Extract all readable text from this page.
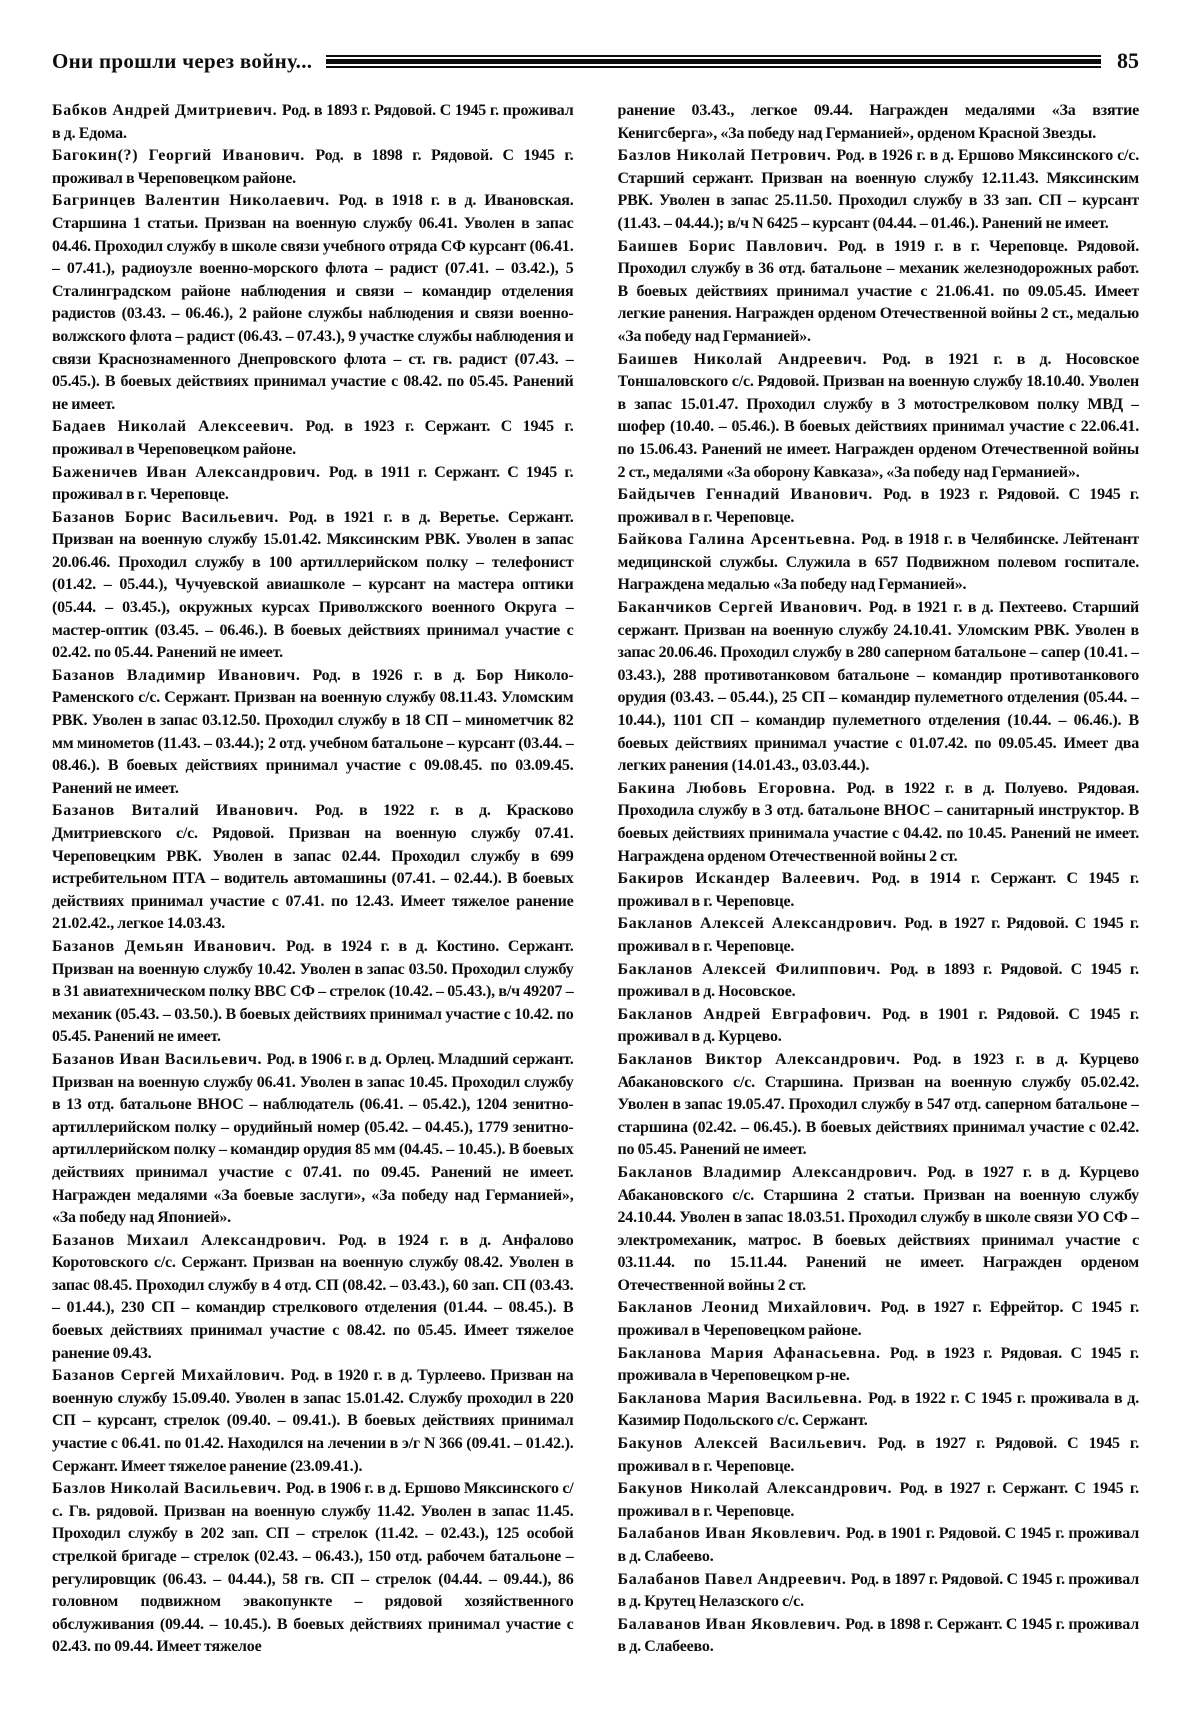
Они прошли через войну...	85

Бабков Андрей Дмитриевич. Род. в 1893 г. Рядовой. С 1945 г. проживал в д. Едома.

Багокин(?) Георгий Иванович. Род. в 1898 г. Рядовой. С 1945 г. проживал в Череповецком районе.

Багринцев Валентин Николаевич. Род. в 1918 г. в д. Ивановская. Старшина 1 статьи. Призван на военную службу 06.41. Уволен в запас 04.46. Проходил службу в школе связи учебного отряда СФ курсант (06.41. – 07.41.), радиоузле военно-морского флота – радист (07.41. – 03.42.), 5 Сталинградском районе наблюдения и связи – командир отделения радистов (03.43. – 06.46.), 2 районе службы наблюдения и связи военно-волжского флота – радист (06.43. – 07.43.), 9 участке службы наблюдения и связи Краснознаменного Днепровского флота – ст. гв. радист (07.43. – 05.45.). В боевых действиях принимал участие с 08.42. по 05.45. Ранений не имеет.

Бадаев Николай Алексеевич. Род. в 1923 г. Сержант. С 1945 г. проживал в Череповецком районе.

Баженичев Иван Александрович. Род. в 1911 г. Сержант. С 1945 г. проживал в г. Череповце.

Базанов Борис Васильевич. Род. в 1921 г. в д. Веретье. Сержант. Призван на военную службу 15.01.42. Мяксинским РВК. Уволен в запас 20.06.46. Проходил службу в 100 артиллерийском полку – телефонист (01.42. – 05.44.), Чучуевской авиашколе – курсант на мастера оптики (05.44. – 03.45.), окружных курсах Приволжского военного Округа – мастер-оптик (03.45. – 06.46.). В боевых действиях принимал участие с 02.42. по 05.44. Ранений не имеет.

Базанов Владимир Иванович. Род. в 1926 г. в д. Бор Николо-Раменского с/с. Сержант. Призван на военную службу 08.11.43. Уломским РВК. Уволен в запас 03.12.50. Проходил службу в 18 СП – минометчик 82 мм минометов (11.43. – 03.44.); 2 отд. учебном батальоне – курсант (03.44. – 08.46.). В боевых действиях принимал участие с 09.08.45. по 03.09.45. Ранений не имеет.

Базанов Виталий Иванович. Род. в 1922 г. в д. Красково Дмитриевского с/с. Рядовой. Призван на военную службу 07.41. Череповецким РВК. Уволен в запас 02.44. Проходил службу в 699 истребительном ПТА – водитель автомашины (07.41. – 02.44.). В боевых действиях принимал участие с 07.41. по 12.43. Имеет тяжелое ранение 21.02.42., легкое 14.03.43.

Базанов Демьян Иванович. Род. в 1924 г. в д. Костино. Сержант. Призван на военную службу 10.42. Уволен в запас 03.50. Проходил службу в 31 авиатехническом полку ВВС СФ – стрелок (10.42. – 05.43.), в/ч 49207 – механик (05.43. – 03.50.). В боевых действиях принимал участие с 10.42. по 05.45. Ранений не имеет.

Базанов Иван Васильевич. Род. в 1906 г. в д. Орлец. Младший сержант. Призван на военную службу 06.41. Уволен в запас 10.45. Проходил службу в 13 отд. батальоне ВНОС – наблюдатель (06.41. – 05.42.), 1204 зенитно-артиллерийском полку – орудийный номер (05.42. – 04.45.), 1779 зенитно-артиллерийском полку – командир орудия 85 мм (04.45. – 10.45.). В боевых действиях принимал участие с 07.41. по 09.45. Ранений не имеет. Награжден медалями «За боевые заслуги», «За победу над Германией», «За победу над Японией».

Базанов Михаил Александрович. Род. в 1924 г. в д. Анфалово Коротовского с/с. Сержант. Призван на военную службу 08.42. Уволен в запас 08.45. Проходил службу в 4 отд. СП (08.42. – 03.43.), 60 зап. СП (03.43. – 01.44.), 230 СП – командир стрелкового отделения (01.44. – 08.45.). В боевых действиях принимал участие с 08.42. по 05.45. Имеет тяжелое ранение 09.43.

Базанов Сергей Михайлович. Род. в 1920 г. в д. Турлеево. Призван на военную службу 15.09.40. Уволен в запас 15.01.42. Службу проходил в 220 СП – курсант, стрелок (09.40. – 09.41.). В боевых действиях принимал участие с 06.41. по 01.42. Находился на лечении в э/г N 366 (09.41. – 01.42.). Сержант. Имеет тяжелое ранение (23.09.41.).

Базлов Николай Васильевич. Род. в 1906 г. в д. Ершово Мяксинского с/с. Гв. рядовой. Призван на военную службу 11.42. Уволен в запас 11.45. Проходил службу в 202 зап. СП – стрелок (11.42. – 02.43.), 125 особой стрелкой бригаде – стрелок (02.43. – 06.43.), 150 отд. рабочем батальоне – регулировщик (06.43. – 04.44.), 58 гв. СП – стрелок (04.44. – 09.44.), 86 головном подвижном эвакопункте – рядовой хозяйственного обслуживания (09.44. – 10.45.). В боевых действиях принимал участие с 02.43. по 09.44. Имеет тяжелое

ранение 03.43., легкое 09.44. Награжден медалями «За взятие Кенигсберга», «За победу над Германией», орденом Красной Звезды.

Базлов Николай Петрович. Род. в 1926 г. в д. Ершово Мяксинского с/с. Старший сержант. Призван на военную службу 12.11.43. Мяксинским РВК. Уволен в запас 25.11.50. Проходил службу в 33 зап. СП – курсант (11.43. – 04.44.); в/ч N 6425 – курсант (04.44. – 01.46.). Ранений не имеет.

Баишев Борис Павлович. Род. в 1919 г. в г. Череповце. Рядовой. Проходил службу в 36 отд. батальоне – механик железнодорожных работ. В боевых действиях принимал участие с 21.06.41. по 09.05.45. Имеет легкие ранения. Награжден орденом Отечественной войны 2 ст., медалью «За победу над Германией».

Баишев Николай Андреевич. Род. в 1921 г. в д. Носовское Тоншаловского с/с. Рядовой. Призван на военную службу 18.10.40. Уволен в запас 15.01.47. Проходил службу в 3 мотострелковом полку МВД – шофер (10.40. – 05.46.). В боевых действиях принимал участие с 22.06.41. по 15.06.43. Ранений не имеет. Награжден орденом Отечественной войны 2 ст., медалями «За оборону Кавказа», «За победу над Германией».

Байдычев Геннадий Иванович. Род. в 1923 г. Рядовой. С 1945 г. проживал в г. Череповце.

Байкова Галина Арсентьевна. Род. в 1918 г. в Челябинске. Лейтенант медицинской службы. Служила в 657 Подвижном полевом госпитале. Награждена медалью «За победу над Германией».

Баканчиков Сергей Иванович. Род. в 1921 г. в д. Пехтеево. Старший сержант. Призван на военную службу 24.10.41. Уломским РВК. Уволен в запас 20.06.46. Проходил службу в 280 саперном батальоне – сапер (10.41. – 03.43.), 288 противотанковом батальоне – командир противотанкового орудия (03.43. – 05.44.), 25 СП – командир пулеметного отделения (05.44. – 10.44.), 1101 СП – командир пулеметного отделения (10.44. – 06.46.). В боевых действиях принимал участие с 01.07.42. по 09.05.45. Имеет два легких ранения (14.01.43., 03.03.44.).

Бакина Любовь Егоровна. Род. в 1922 г. в д. Полуево. Рядовая. Проходила службу в 3 отд. батальоне ВНОС – санитарный инструктор. В боевых действиях принимала участие с 04.42. по 10.45. Ранений не имеет. Награждена орденом Отечественной войны 2 ст.

Бакиров Искандер Валеевич. Род. в 1914 г. Сержант. С 1945 г. проживал в г. Череповце.

Бакланов Алексей Александрович. Род. в 1927 г. Рядовой. С 1945 г. проживал в г. Череповце.

Бакланов Алексей Филиппович. Род. в 1893 г. Рядовой. С 1945 г. проживал в д. Носовское.

Бакланов Андрей Евграфович. Род. в 1901 г. Рядовой. С 1945 г. проживал в д. Курцево.

Бакланов Виктор Александрович. Род. в 1923 г. в д. Курцево Абакановского с/с. Старшина. Призван на военную службу 05.02.42. Уволен в запас 19.05.47. Проходил службу в 547 отд. саперном батальоне – старшина (02.42. – 06.45.). В боевых действиях принимал участие с 02.42. по 05.45. Ранений не имеет.

Бакланов Владимир Александрович. Род. в 1927 г. в д. Курцево Абакановского с/с. Старшина 2 статьи. Призван на военную службу 24.10.44. Уволен в запас 18.03.51. Проходил службу в школе связи УО СФ – электромеханик, матрос. В боевых действиях принимал участие с 03.11.44. по 15.11.44. Ранений не имеет. Награжден орденом Отечественной войны 2 ст.

Бакланов Леонид Михайлович. Род. в 1927 г. Ефрейтор. С 1945 г. проживал в Череповецком районе.

Бакланова Мария Афанасьевна. Род. в 1923 г. Рядовая. С 1945 г. проживала в Череповецком р-не.

Бакланова Мария Васильевна. Род. в 1922 г. С 1945 г. проживала в д. Казимир Подольского с/с. Сержант.

Бакунов Алексей Васильевич. Род. в 1927 г. Рядовой. С 1945 г. проживал в г. Череповце.

Бакунов Николай Александрович. Род. в 1927 г. Сержант. С 1945 г. проживал в г. Череповце.

Балабанов Иван Яковлевич. Род. в 1901 г. Рядовой. С 1945 г. проживал в д. Слабеево.

Балабанов Павел Андреевич. Род. в 1897 г. Рядовой. С 1945 г. проживал в д. Крутец Нелазского с/с.

Балаванов Иван Яковлевич. Род. в 1898 г. Сержант. С 1945 г. проживал в д. Слабеево.
